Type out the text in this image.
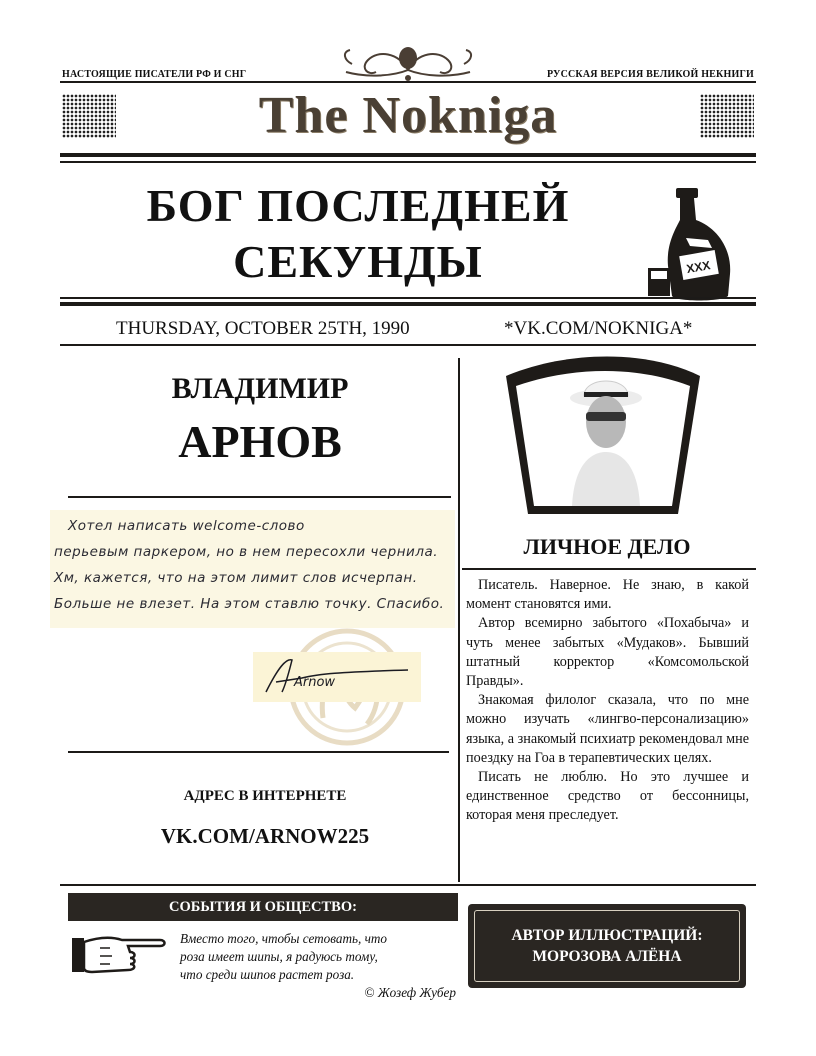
НАСТОЯЩИЕ ПИСАТЕЛИ РФ И СНГ	РУССКАЯ ВЕРСИЯ ВЕЛИКОЙ НЕКНИГИ
The Nokniga
БОГ ПОСЛЕДНЕЙ
СЕКУНДЫ	XXX
THURSDAY, OCTOBER 25TH, 1990	*VK.COM/NOKNIGA*
ВЛАДИМИР
АРНОВ
Хотел написать welcome-слово
перьевым паркером, но в нем пересохли чернила.
Хм, кажется, что на этом лимит слов исчерпан.
Больше не влезет. На этом ставлю точку. Спасибо.
Arnow
АДРЕС В ИНТЕРНЕТЕ
VK.COM/ARNOW225
ЛИЧНОЕ ДЕЛО

Писатель. Наверное. Не знаю, в какой момент становятся ими.

Автор всемирно забытого «Похабыча» и чуть менее забытых «Мудаков». Бывший штатный корректор «Комсомольской Правды».

Знакомая филолог сказала, что по мне можно изучать «лингво-персонализацию» языка, а знакомый психиатр рекомендовал мне поездку на Гоа в терапевтических целях.

Писать не люблю. Но это лучшее и единственное средство от бессонницы, которая меня преследует.

СОБЫТИЯ И ОБЩЕСТВО:
Вместо того, чтобы сетовать, что
роза имеет шипы, я радуюсь тому,
что среди шипов растет роза.
© Жозеф Жубер
АВТОР ИЛЛЮСТРАЦИЙ:
МОРОЗОВА АЛЁНА
